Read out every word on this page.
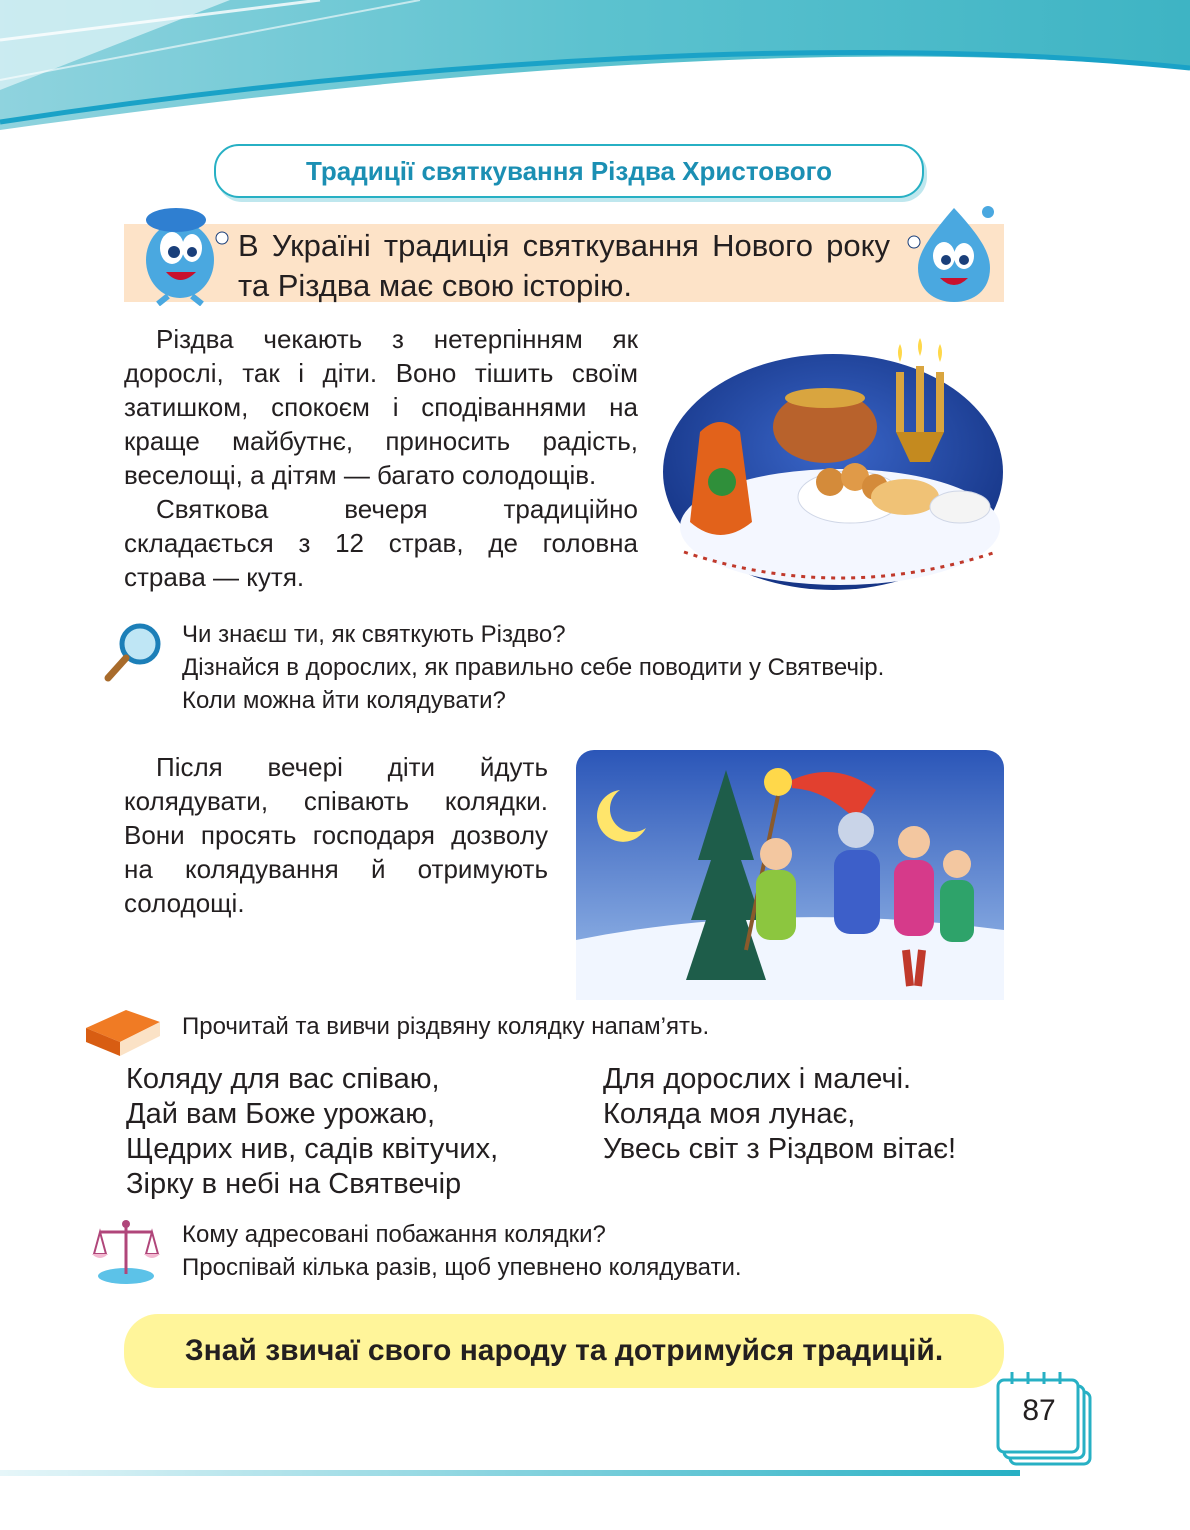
Традиції святкування Різдва Христового
В Україні традиція святкування Нового року та Різдва має свою історію.

Різдва чекають з нетерпінням як дорослі, так і діти. Воно тішить своїм затишком, спокоєм і сподіваннями на краще майбутнє, приносить радість, веселощі, а дітям — багато солодощів.

Святкова вечеря традиційно складається з 12 страв, де головна страва — кутя.

Чи знаєш ти, як святкують Різдво?
Дізнайся в дорослих, як правильно себе поводити у Святвечір.
Коли можна йти колядувати?

Після вечері діти йдуть колядувати, співають колядки. Вони просять господаря дозволу на колядування й отримують солодощі.

Прочитай та вивчи різдвяну колядку напам’ять.
Коляду для вас співаю,
Дай вам Боже урожаю,
Щедрих нив, садів квітучих,
Зірку в небі на Святвечір
Для дорослих і малечі.
Коляда моя лунає,
Увесь світ з Різдвом вітає!
Кому адресовані побажання колядки?
Проспівай кілька разів, щоб упевнено колядувати.
Знай звичаї свого народу та дотримуйся традицій.
87
